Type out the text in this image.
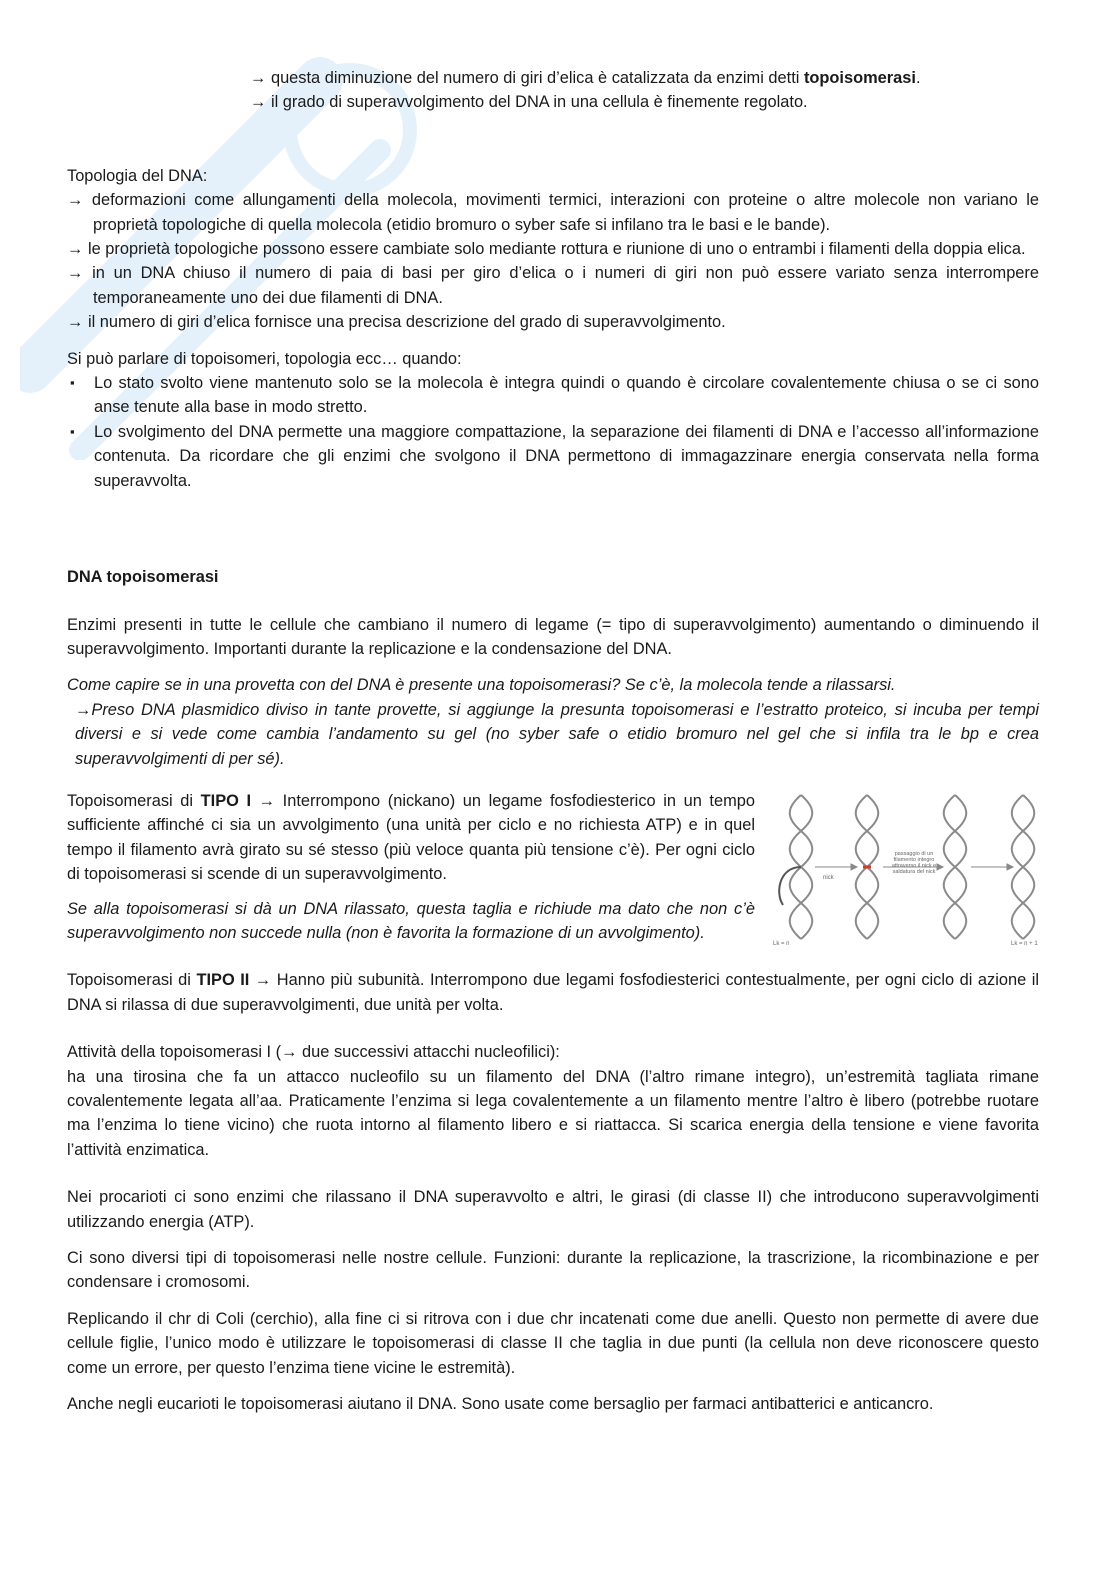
→ questa diminuzione del numero di giri d’elica è catalizzata da enzimi detti topoisomerasi.

→ il grado di superavvolgimento del DNA in una cellula è finemente regolato.

Topologia del DNA:

→ deformazioni come allungamenti della molecola, movimenti termici, interazioni con proteine o altre molecole non variano le proprietà topologiche di quella molecola (etidio bromuro o syber safe si infilano tra le basi e le bande).
→ le proprietà topologiche possono essere cambiate solo mediante rottura e riunione di uno o entrambi i filamenti della doppia elica.
→ in un DNA chiuso il numero di paia di basi per giro d’elica o i numeri di giri non può essere variato senza interrompere temporaneamente uno dei due filamenti di DNA.
→ il numero di giri d’elica fornisce una precisa descrizione del grado di superavvolgimento.

Si può parlare di topoisomeri, topologia ecc… quando:

▪ Lo stato svolto viene mantenuto solo se la molecola è integra quindi o quando è circolare covalentemente chiusa o se ci sono anse tenute alla base in modo stretto.
▪ Lo svolgimento del DNA permette una maggiore compattazione, la separazione dei filamenti di DNA e l’accesso all’informazione contenuta. Da ricordare che gli enzimi che svolgono il DNA permettono di immagazzinare energia conservata nella forma superavvolta.

DNA topoisomerasi

Enzimi presenti in tutte le cellule che cambiano il numero di legame (= tipo di superavvolgimento) aumentando o diminuendo il superavvolgimento. Importanti durante la replicazione e la condensazione del DNA.

Come capire se in una provetta con del DNA è presente una topoisomerasi? Se c’è, la molecola tende a rilassarsi.

→Preso DNA plasmidico diviso in tante provette, si aggiunge la presunta topoisomerasi e l’estratto proteico, si incuba per tempi diversi e si vede come cambia l’andamento su gel (no syber safe o etidio bromuro nel gel che si infila tra le bp e crea superavvolgimenti di per sé).

Topoisomerasi di TIPO I → Interrompono (nickano) un legame fosfodiesterico in un tempo sufficiente affinché ci sia un avvolgimento (una unità per ciclo e no richiesta ATP) e in quel tempo il filamento avrà girato su sé stesso (più veloce quanta più tensione c’è). Per ogni ciclo di topoisomerasi si scende di un superavvolgimento.

Se alla topoisomerasi si dà un DNA rilassato, questa taglia e richiude ma dato che non c’è superavvolgimento non succede nulla (non è favorita la formazione di un avvolgimento).

nick
passaggio di un filamento integro attraverso il nick e saldatura del nick
Lk = n	Lk = n + 1

Topoisomerasi di TIPO II → Hanno più subunità. Interrompono due legami fosfodiesterici contestualmente, per ogni ciclo di azione il DNA si rilassa di due superavvolgimenti, due unità per volta.

Attività della topoisomerasi I (→ due successivi attacchi nucleofilici):

ha una tirosina che fa un attacco nucleofilo su un filamento del DNA (l’altro rimane integro), un’estremità tagliata rimane covalentemente legata all’aa. Praticamente l’enzima si lega covalentemente a un filamento mentre l’altro è libero (potrebbe ruotare ma l’enzima lo tiene vicino) che ruota intorno al filamento libero e si riattacca. Si scarica energia della tensione e viene favorita l’attività enzimatica.

Nei procarioti ci sono enzimi che rilassano il DNA superavvolto e altri, le girasi (di classe II) che introducono superavvolgimenti utilizzando energia (ATP).

Ci sono diversi tipi di topoisomerasi nelle nostre cellule. Funzioni: durante la replicazione, la trascrizione, la ricombinazione e per condensare i cromosomi.

Replicando il chr di Coli (cerchio), alla fine ci si ritrova con i due chr incatenati come due anelli. Questo non permette di avere due cellule figlie, l’unico modo è utilizzare le topoisomerasi di classe II che taglia in due punti (la cellula non deve riconoscere questo come un errore, per questo l’enzima tiene vicine le estremità).

Anche negli eucarioti le topoisomerasi aiutano il DNA. Sono usate come bersaglio per farmaci antibatterici e anticancro.
